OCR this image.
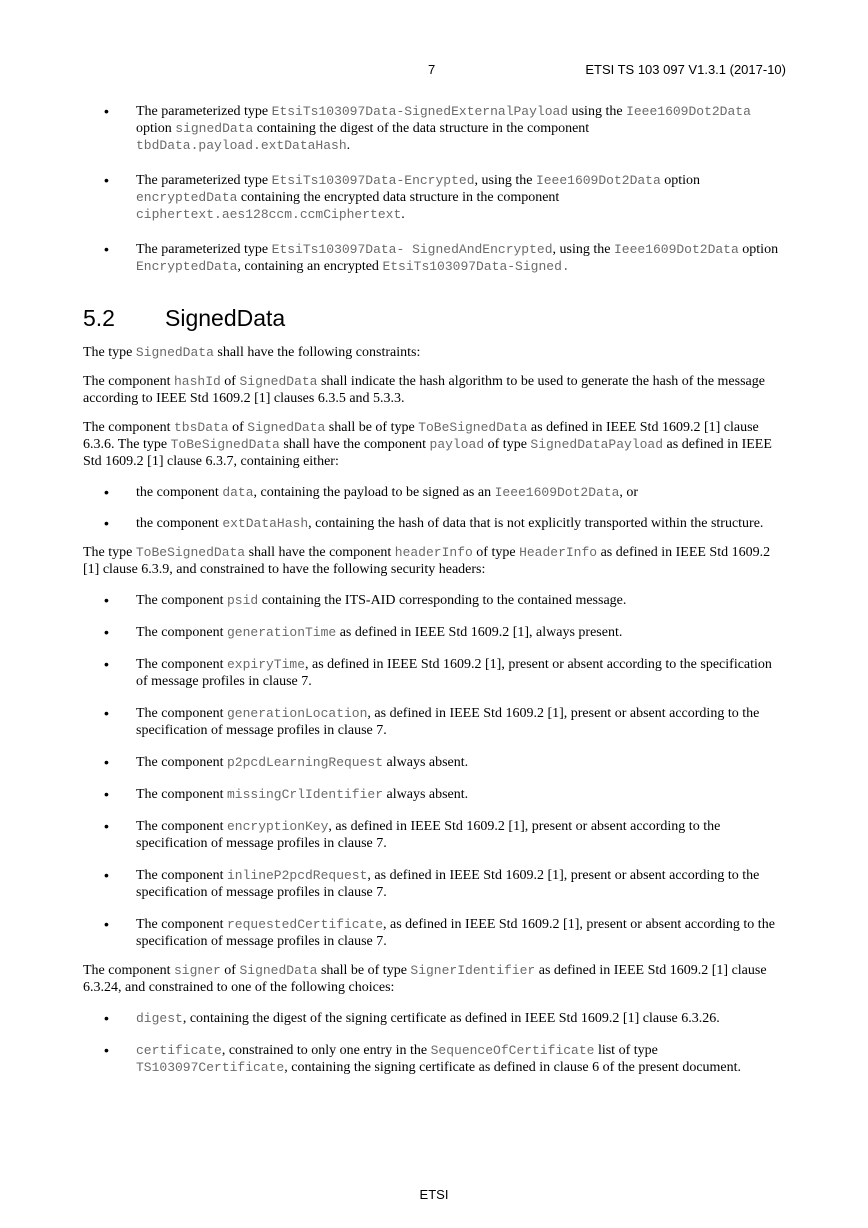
7	ETSI TS 103 097 V1.3.1 (2017-10)

• The parameterized type EtsiTs103097Data-SignedExternalPayload using the Ieee1609Dot2Data option signedData containing the digest of the data structure in the component tbdData.payload.extDataHash.

• The parameterized type EtsiTs103097Data-Encrypted, using the Ieee1609Dot2Data option encryptedData containing the encrypted data structure in the component ciphertext.aes128ccm.ccmCiphertext.

• The parameterized type EtsiTs103097Data- SignedAndEncrypted, using the Ieee1609Dot2Data option EncryptedData, containing an encrypted EtsiTs103097Data-Signed.

5.2 SignedData

The type SignedData shall have the following constraints:

The component hashId of SignedData shall indicate the hash algorithm to be used to generate the hash of the message according to IEEE Std 1609.2 [1] clauses 6.3.5 and 5.3.3.

The component tbsData of SignedData shall be of type ToBeSignedData as defined in IEEE Std 1609.2 [1] clause 6.3.6. The type ToBeSignedData shall have the component payload of type SignedDataPayload as defined in IEEE Std 1609.2 [1] clause 6.3.7, containing either:

• the component data, containing the payload to be signed as an Ieee1609Dot2Data, or

• the component extDataHash, containing the hash of data that is not explicitly transported within the structure.

The type ToBeSignedData shall have the component headerInfo of type HeaderInfo as defined in IEEE Std 1609.2 [1] clause 6.3.9, and constrained to have the following security headers:

• The component psid containing the ITS-AID corresponding to the contained message.

• The component generationTime as defined in IEEE Std 1609.2 [1], always present.

• The component expiryTime, as defined in IEEE Std 1609.2 [1], present or absent according to the specification of message profiles in clause 7.

• The component generationLocation, as defined in IEEE Std 1609.2 [1], present or absent according to the specification of message profiles in clause 7.

• The component p2pcdLearningRequest always absent.

• The component missingCrlIdentifier always absent.

• The component encryptionKey, as defined in IEEE Std 1609.2 [1], present or absent according to the specification of message profiles in clause 7.

• The component inlineP2pcdRequest, as defined in IEEE Std 1609.2 [1], present or absent according to the specification of message profiles in clause 7.

• The component requestedCertificate, as defined in IEEE Std 1609.2 [1], present or absent according to the specification of message profiles in clause 7.

The component signer of SignedData shall be of type SignerIdentifier as defined in IEEE Std 1609.2 [1] clause 6.3.24, and constrained to one of the following choices:

• digest, containing the digest of the signing certificate as defined in IEEE Std 1609.2 [1] clause 6.3.26.

• certificate, constrained to only one entry in the SequenceOfCertificate list of type TS103097Certificate, containing the signing certificate as defined in clause 6 of the present document.

ETSI
